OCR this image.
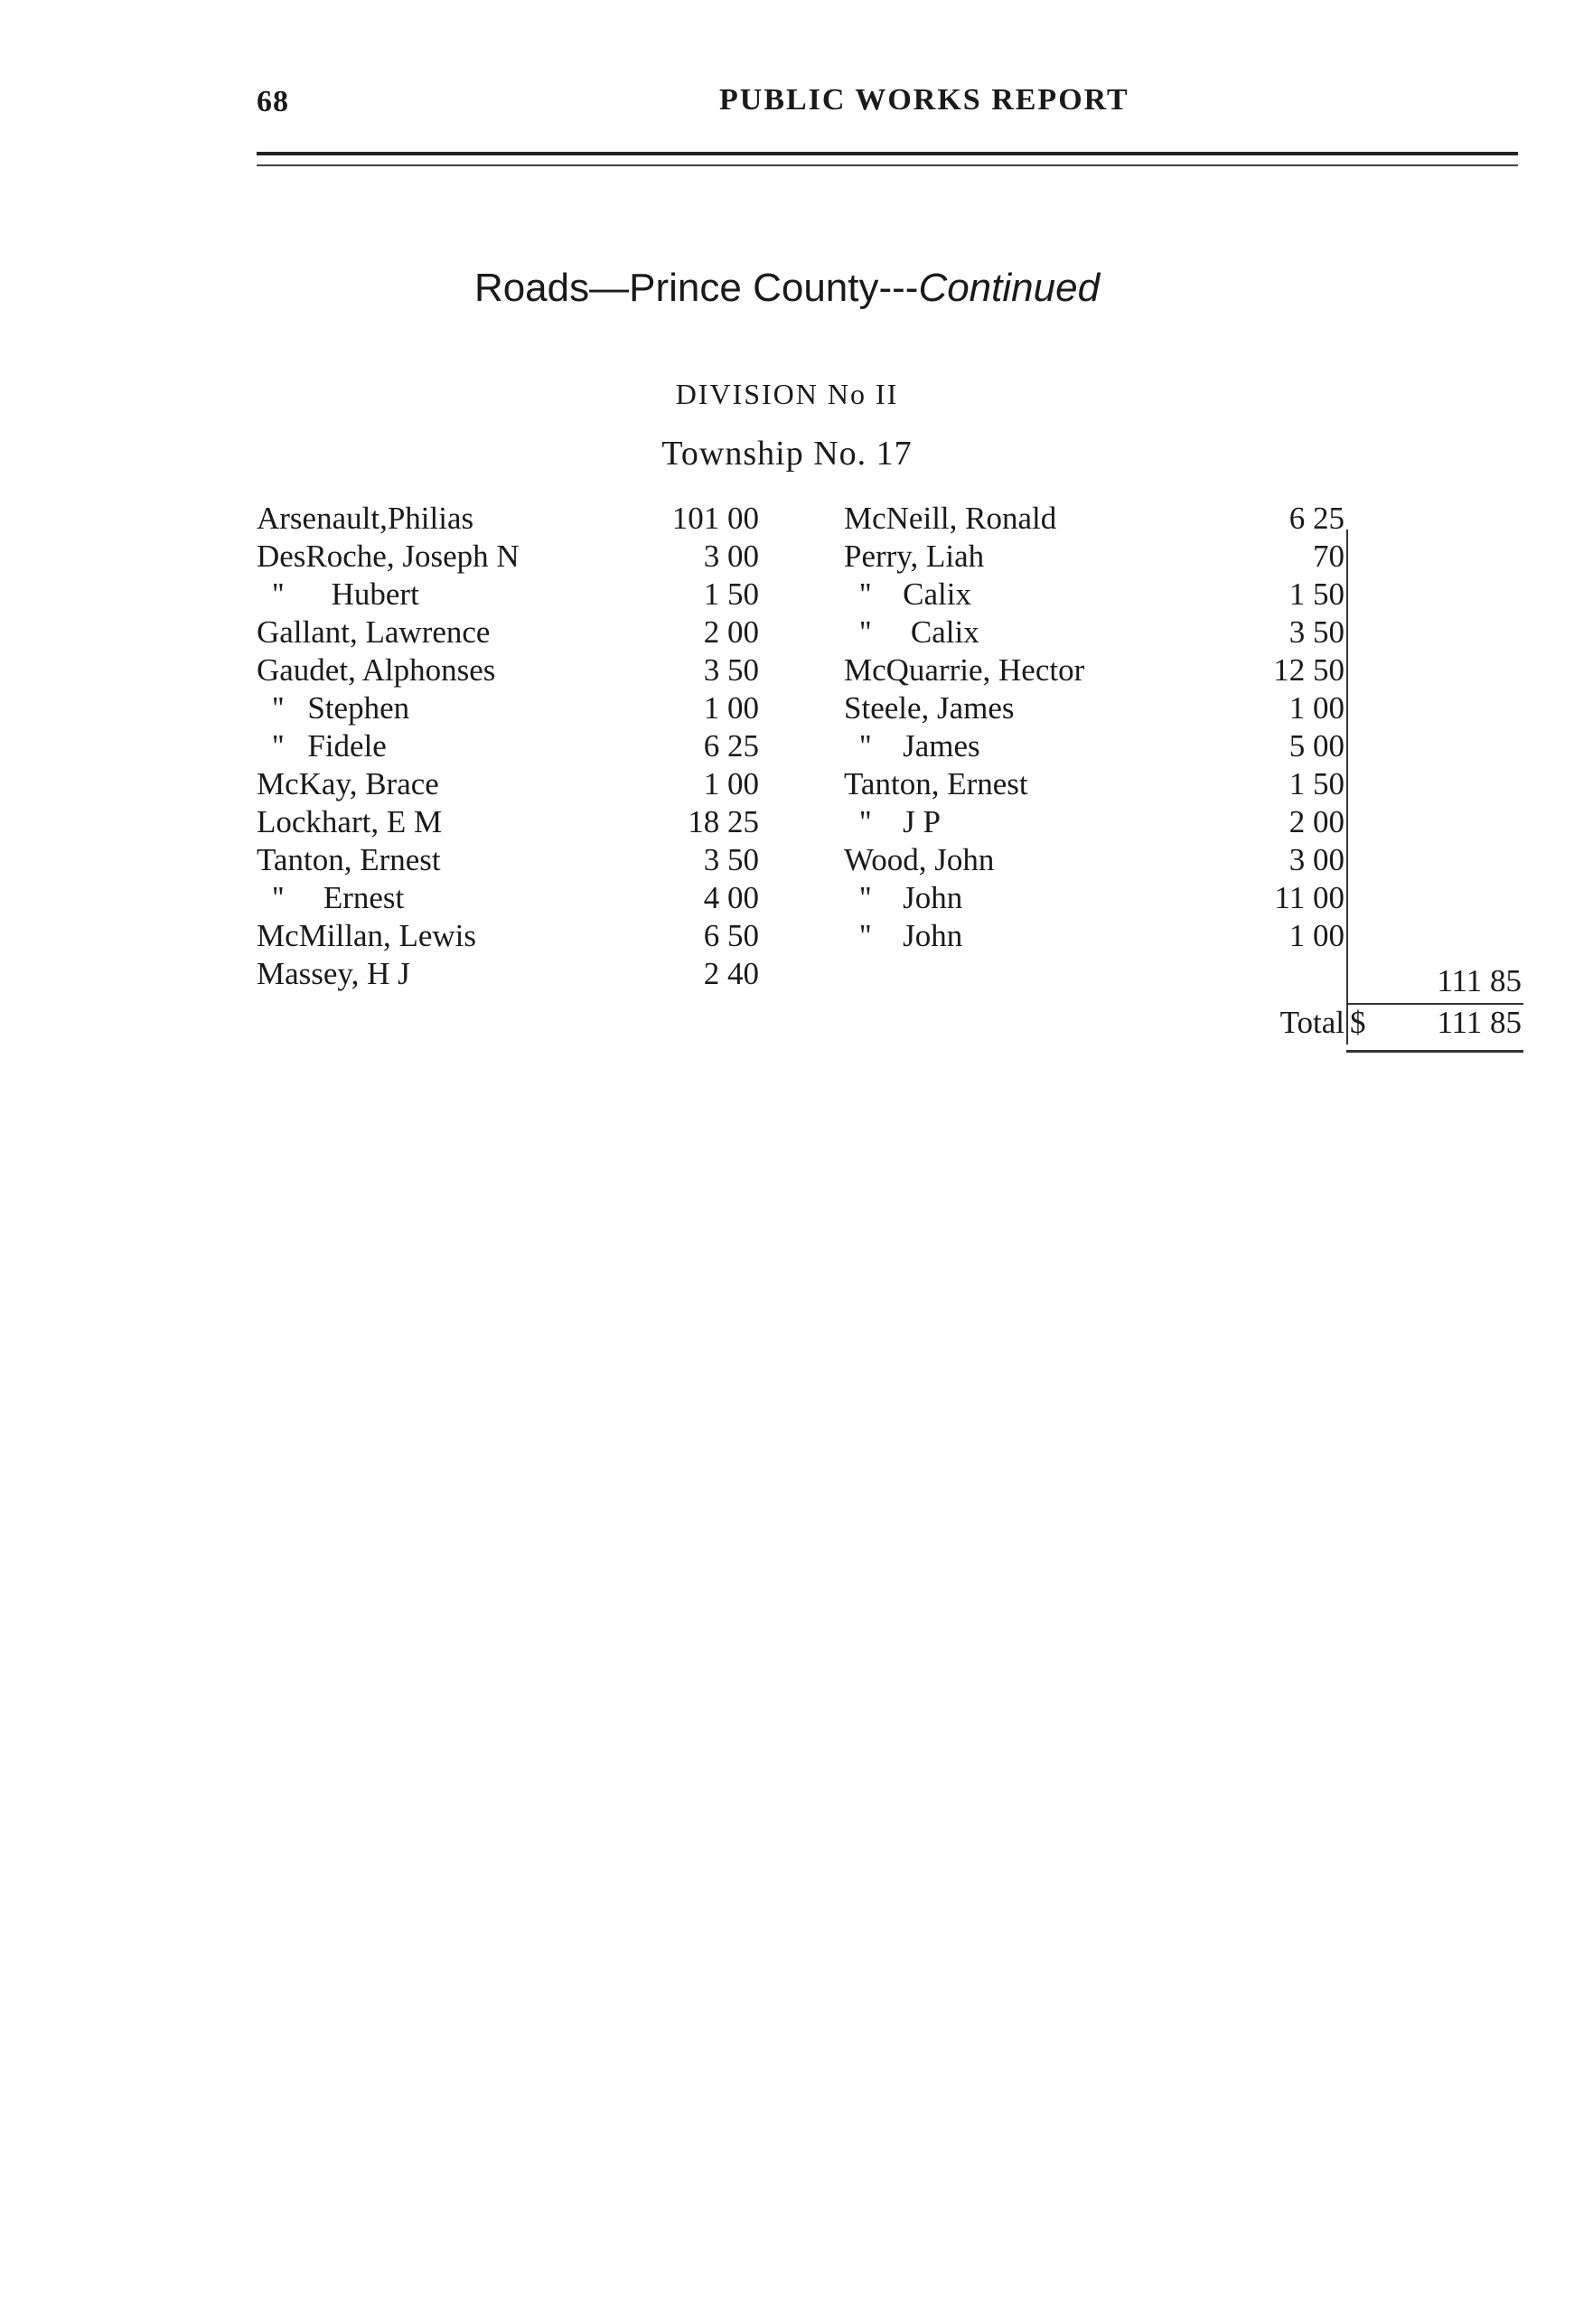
68	PUBLIC WORKS REPORT
Roads—Prince County---Continued
DIVISION No II
Township No. 17
Arsenault,Philias	101 00
DesRoche, Joseph N	3 00
''      Hubert	1 50
Gallant, Lawrence	2 00
Gaudet, Alphonses	3 50
''   Stephen	1 00
''   Fidele	6 25
McKay, Brace	1 00
Lockhart, E M	18 25
Tanton, Ernest	3 50
''     Ernest	4 00
McMillan, Lewis	6 50
Massey, H J	2 40
McNeill, Ronald	6 25
Perry, Liah	70
''    Calix	1 50
''     Calix	3 50
McQuarrie, Hector	12 50
Steele, James	1 00
''    James	5 00
Tanton, Ernest	1 50
''    J P	2 00
Wood, John	3 00
''    John	11 00
''    John	1 00
111 85
Total $ 111 85
